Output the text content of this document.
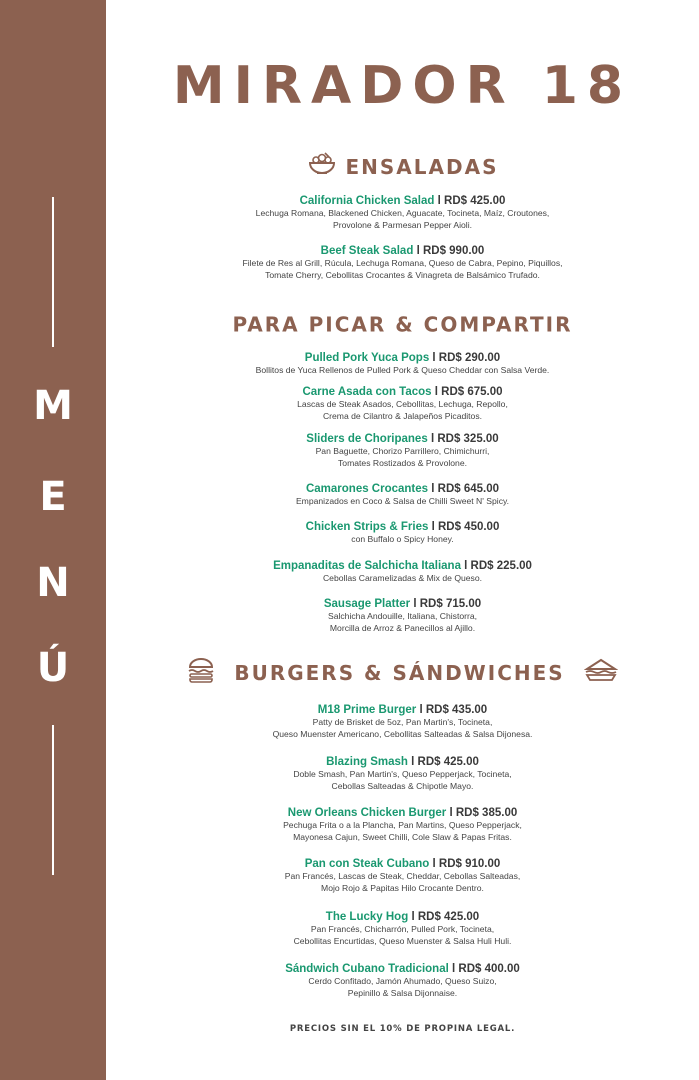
M
E
N
Ú
MIRADOR 18
ENSALADAS
California Chicken Salad l RD$ 425.00
Lechuga Romana, Blackened Chicken, Aguacate, Tocineta, Maíz, Croutones,
Provolone & Parmesan Pepper Aioli.
Beef Steak Salad l RD$ 990.00
Filete de Res al Grill, Rúcula, Lechuga Romana, Queso de Cabra, Pepino, Piquillos,
Tomate Cherry, Cebollitas Crocantes & Vinagreta de Balsámico Trufado.
PARA PICAR & COMPARTIR
Pulled Pork Yuca Pops l RD$ 290.00
Bollitos de Yuca Rellenos de Pulled Pork & Queso Cheddar con Salsa Verde.
Carne Asada con Tacos l RD$ 675.00
Lascas de Steak Asados, Cebollitas, Lechuga, Repollo,
Crema de Cilantro & Jalapeños Picaditos.
Sliders de Choripanes l RD$ 325.00
Pan Baguette, Chorizo Parrillero, Chimichurri,
Tomates Rostizados & Provolone.
Camarones Crocantes l RD$ 645.00
Empanizados en Coco & Salsa de Chilli Sweet N' Spicy.
Chicken Strips & Fries l RD$ 450.00
con Buffalo o Spicy Honey.
Empanaditas de Salchicha Italiana l RD$ 225.00
Cebollas Caramelizadas & Mix de Queso.
Sausage Platter l RD$ 715.00
Salchicha Andouille, Italiana, Chistorra,
Morcilla de Arroz & Panecillos al Ajillo.
BURGERS & SÁNDWICHES
M18 Prime Burger l RD$ 435.00
Patty de Brisket de 5oz, Pan Martin's, Tocineta,
Queso Muenster Americano, Cebollitas Salteadas & Salsa Dijonesa.
Blazing Smash l RD$ 425.00
Doble Smash, Pan Martin's, Queso Pepperjack, Tocineta,
Cebollas Salteadas & Chipotle Mayo.
New Orleans Chicken Burger l RD$ 385.00
Pechuga Frita o a la Plancha, Pan Martins, Queso Pepperjack,
Mayonesa Cajun, Sweet Chilli, Cole Slaw & Papas Fritas.
Pan con Steak Cubano l RD$ 910.00
Pan Francés, Lascas de Steak, Cheddar, Cebollas Salteadas,
Mojo Rojo & Papitas Hilo Crocante Dentro.
The Lucky Hog l RD$ 425.00
Pan Francés, Chicharrón, Pulled Pork, Tocineta,
Cebollitas Encurtidas, Queso Muenster & Salsa Huli Huli.
Sándwich Cubano Tradicional l RD$ 400.00
Cerdo Confitado, Jamón Ahumado, Queso Suizo,
Pepinillo & Salsa Dijonnaise.
PRECIOS SIN EL 10% DE PROPINA LEGAL.
